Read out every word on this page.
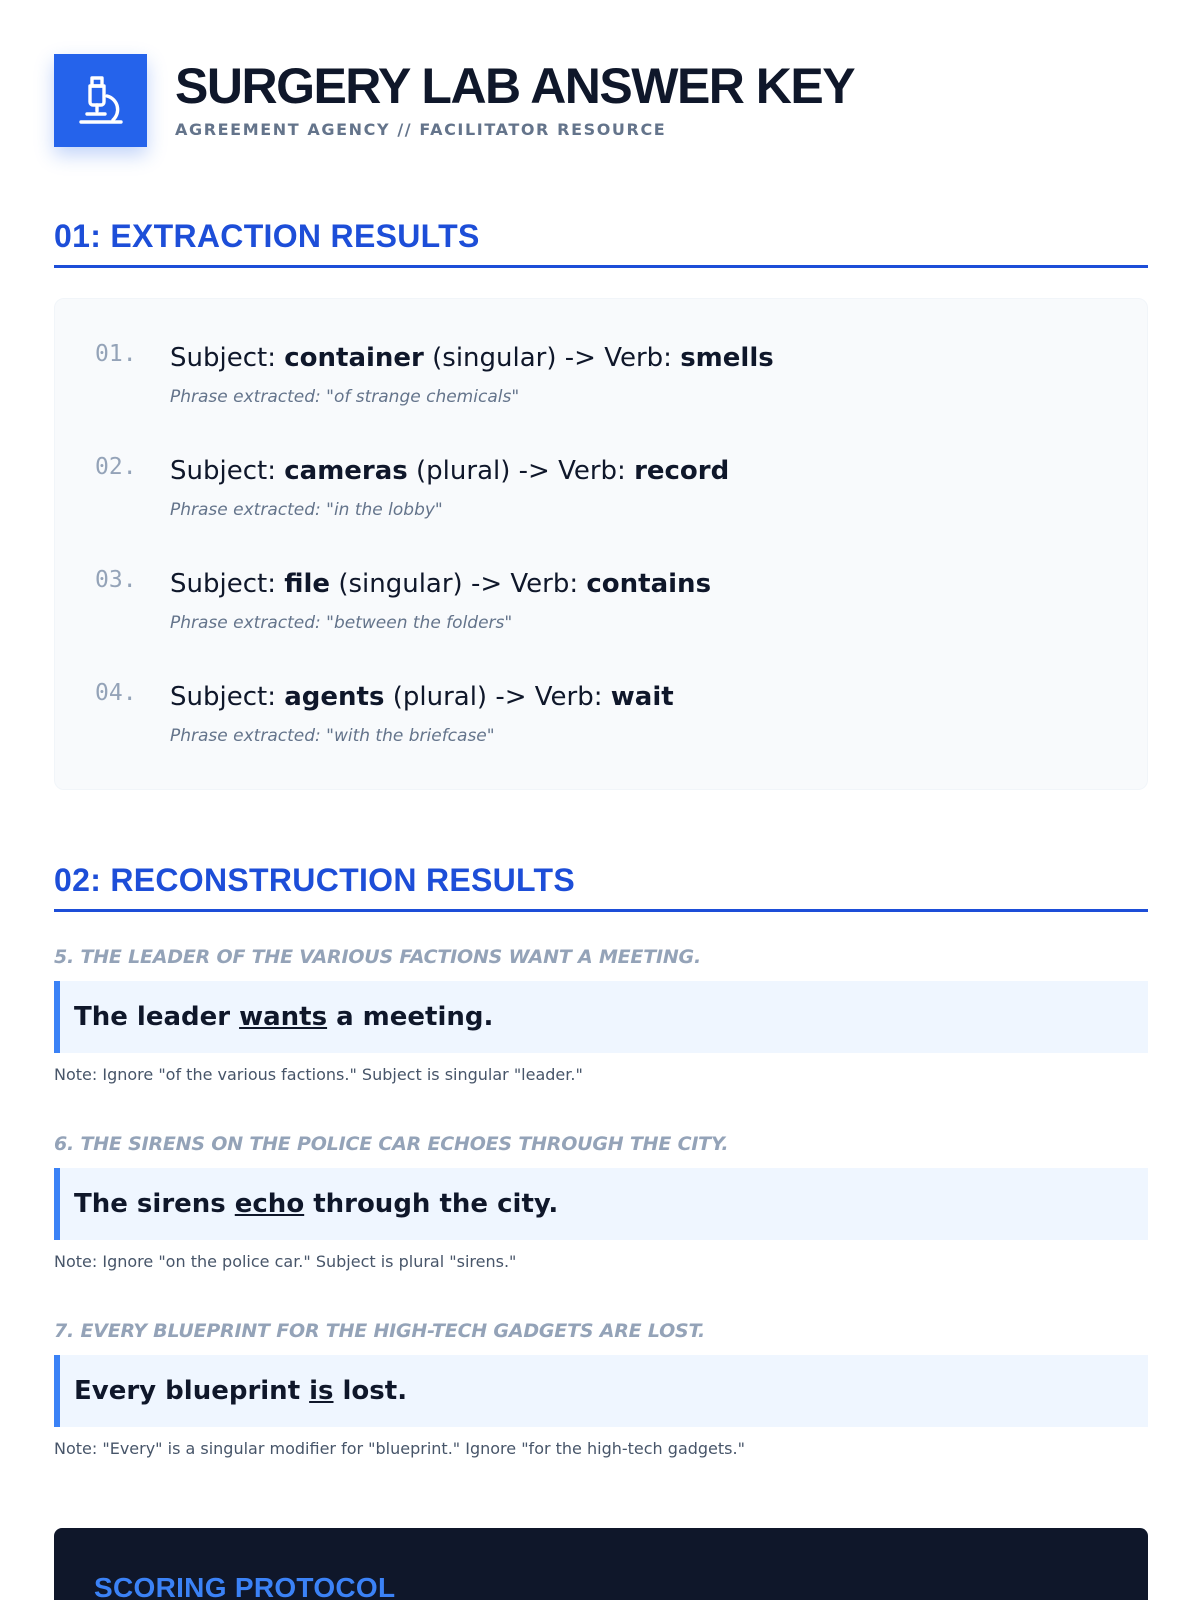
SURGERY LAB ANSWER KEY
AGREEMENT AGENCY // FACILITATOR RESOURCE
01: EXTRACTION RESULTS
01. Subject: container (singular) -> Verb: smells
Phrase extracted: "of strange chemicals"
02. Subject: cameras (plural) -> Verb: record
Phrase extracted: "in the lobby"
03. Subject: file (singular) -> Verb: contains
Phrase extracted: "between the folders"
04. Subject: agents (plural) -> Verb: wait
Phrase extracted: "with the briefcase"
02: RECONSTRUCTION RESULTS
5. THE LEADER OF THE VARIOUS FACTIONS WANT A MEETING.
The leader wants a meeting.
Note: Ignore "of the various factions." Subject is singular "leader."
6. THE SIRENS ON THE POLICE CAR ECHOES THROUGH THE CITY.
The sirens echo through the city.
Note: Ignore "on the police car." Subject is plural "sirens."
7. EVERY BLUEPRINT FOR THE HIGH-TECH GADGETS ARE LOST.
Every blueprint is lost.
Note: "Every" is a singular modifier for "blueprint." Ignore "for the high-tech gadgets."
SCORING PROTOCOL
